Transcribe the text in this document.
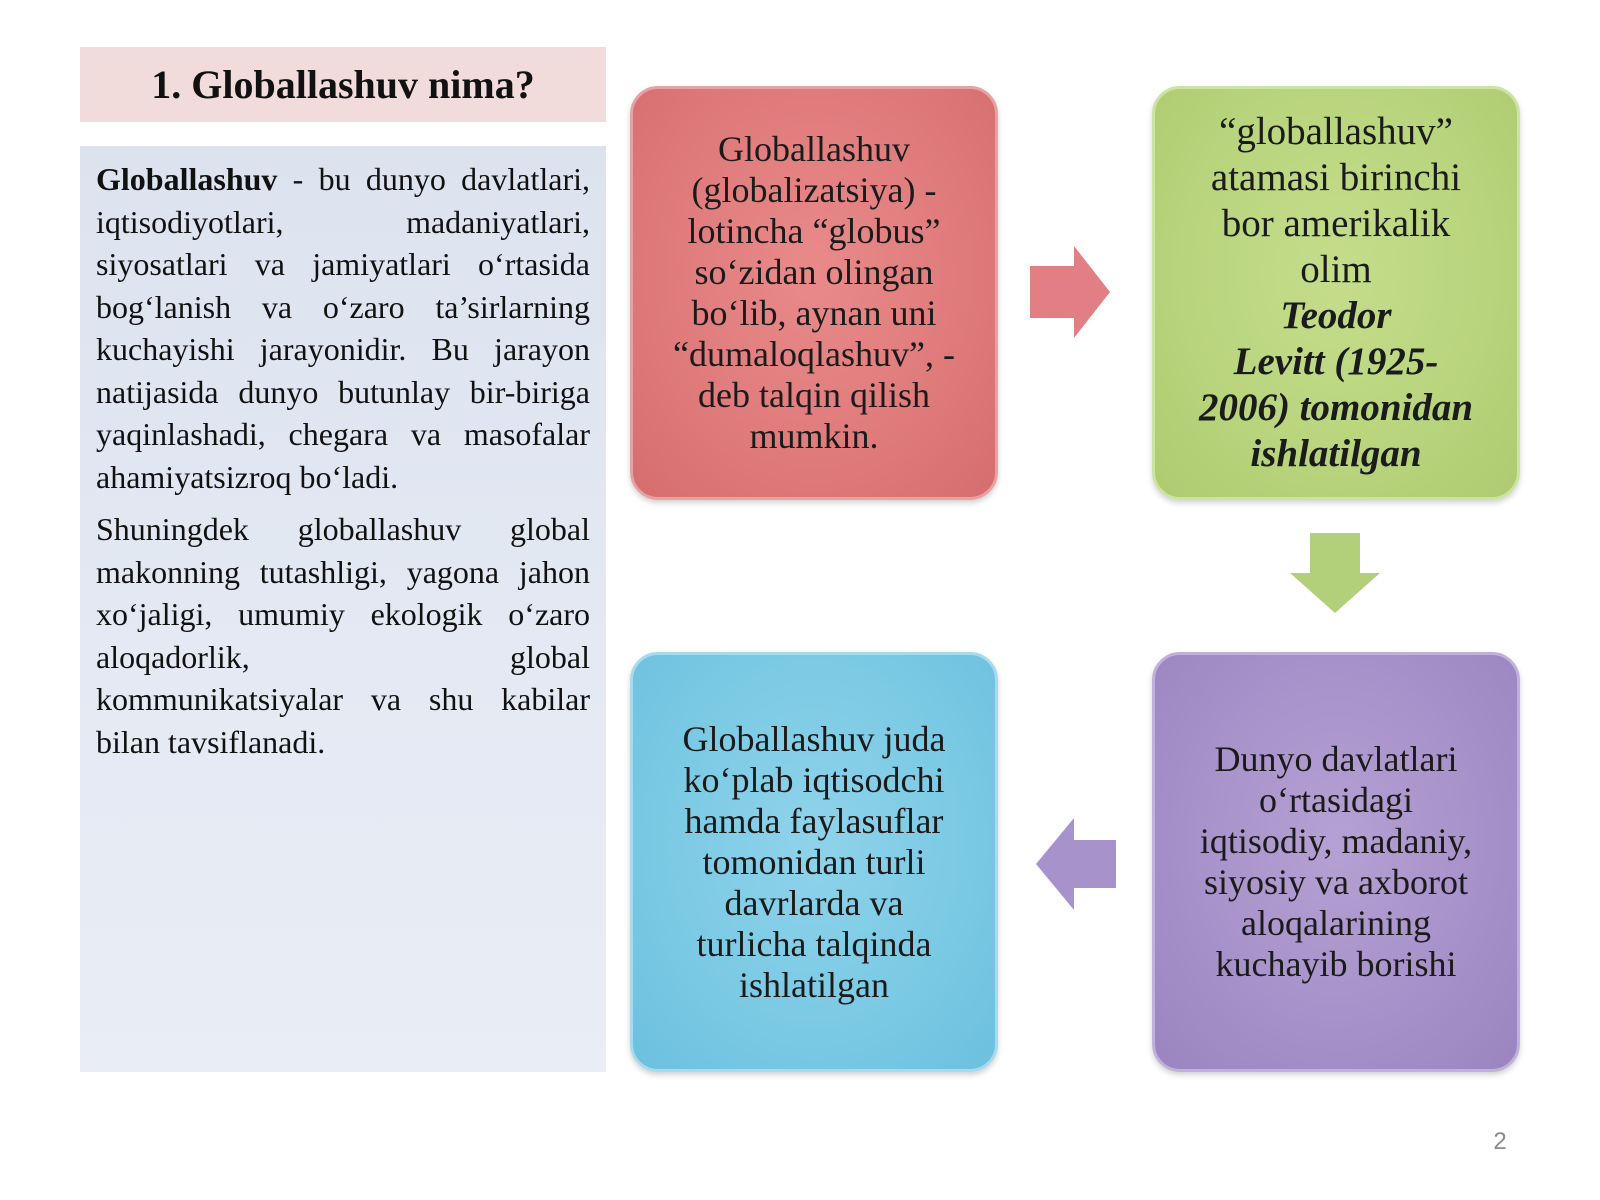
1. Globallashuv nima?

Globallashuv - bu dunyo davlatlari, iqtisodiyotlari, madaniyatlari, siyosatlari va jamiyatlari o‘rtasida bog‘lanish va o‘zaro ta’sirlarning kuchayishi jarayonidir. Bu jarayon natijasida dunyo butunlay bir-biriga yaqinlashadi, chegara va masofalar ahamiyatsizroq bo‘ladi.

Shuningdek globallashuv global makonning tutashligi, yagona jahon xo‘jaligi, umumiy ekologik o‘zaro aloqadorlik, global kommunikatsiyalar va shu kabilar bilan tavsiflanadi.

Globallashuv
(globalizatsiya) -
lotincha “globus”
so‘zidan olingan
bo‘lib, aynan uni
“dumaloqlashuv”, -
deb talqin qilish
mumkin.
“globallashuv”
atamasi birinchi
bor amerikalik
olim
Teodor
Levitt (1925-
2006) tomonidan
ishlatilgan
Dunyo davlatlari
o‘rtasidagi
iqtisodiy, madaniy,
siyosiy va axborot
aloqalarining
kuchayib borishi
Globallashuv juda
ko‘plab iqtisodchi
hamda faylasuflar
tomonidan turli
davrlarda va
turlicha talqinda
ishlatilgan
2
